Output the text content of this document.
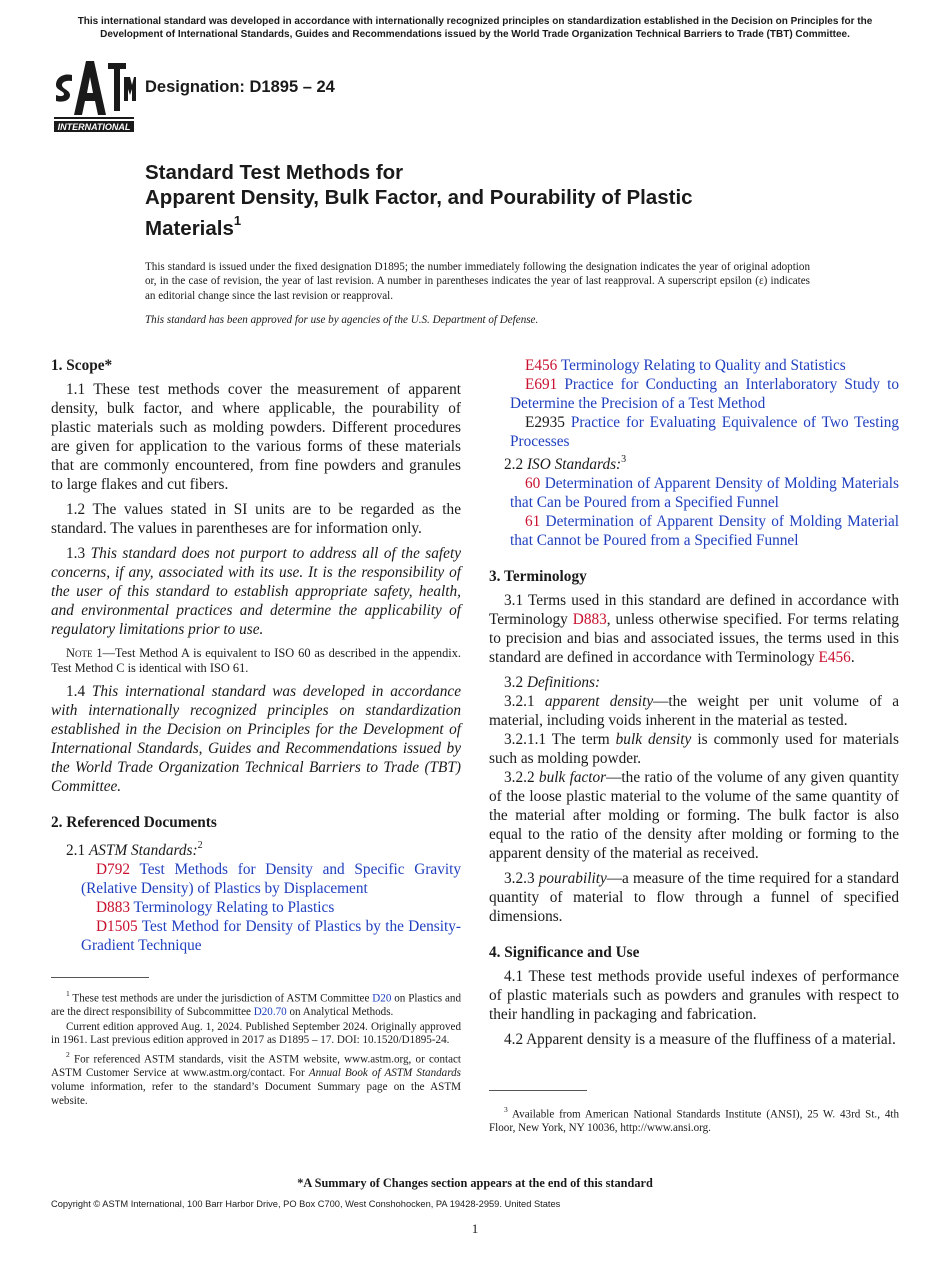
This international standard was developed in accordance with internationally recognized principles on standardization established in the Decision on Principles for the Development of International Standards, Guides and Recommendations issued by the World Trade Organization Technical Barriers to Trade (TBT) Committee.
INTERNATIONAL
Designation: D1895 – 24
Standard Test Methods for
Apparent Density, Bulk Factor, and Pourability of Plastic
Materials$^1$

This standard is issued under the fixed designation D1895; the number immediately following the designation indicates the year of original adoption or, in the case of revision, the year of last revision. A number in parentheses indicates the year of last reapproval. A superscript epsilon (ε) indicates an editorial change since the last revision or reapproval.

This standard has been approved for use by agencies of the U.S. Department of Defense.

1. Scope*

1.1 These test methods cover the measurement of apparent density, bulk factor, and where applicable, the pourability of plastic materials such as molding powders. Different procedures are given for application to the various forms of these materials that are commonly encountered, from fine powders and granules to large flakes and cut fibers.

1.2 The values stated in SI units are to be regarded as the standard. The values in parentheses are for information only.

1.3 This standard does not purport to address all of the safety concerns, if any, associated with its use. It is the responsibility of the user of this standard to establish appropriate safety, health, and environmental practices and determine the applicability of regulatory limitations prior to use.

Note 1—Test Method A is equivalent to ISO 60 as described in the appendix. Test Method C is identical with ISO 61.

1.4 This international standard was developed in accordance with internationally recognized principles on standardization established in the Decision on Principles for the Development of International Standards, Guides and Recommendations issued by the World Trade Organization Technical Barriers to Trade (TBT) Committee.

2. Referenced Documents

2.1 ASTM Standards:$^2$

D792 Test Methods for Density and Specific Gravity (Relative Density) of Plastics by Displacement

D883 Terminology Relating to Plastics

D1505 Test Method for Density of Plastics by the Density-Gradient Technique

$^1$ These test methods are under the jurisdiction of ASTM Committee D20 on Plastics and are the direct responsibility of Subcommittee D20.70 on Analytical Methods.

Current edition approved Aug. 1, 2024. Published September 2024. Originally approved in 1961. Last previous edition approved in 2017 as D1895 – 17. DOI: 10.1520/D1895-24.

$^2$ For referenced ASTM standards, visit the ASTM website, www.astm.org, or contact ASTM Customer Service at www.astm.org/contact. For Annual Book of ASTM Standards volume information, refer to the standard’s Document Summary page on the ASTM website.

E456 Terminology Relating to Quality and Statistics

E691 Practice for Conducting an Interlaboratory Study to Determine the Precision of a Test Method

E2935 Practice for Evaluating Equivalence of Two Testing Processes

2.2 ISO Standards:$^3$

60 Determination of Apparent Density of Molding Materials that Can be Poured from a Specified Funnel

61 Determination of Apparent Density of Molding Material that Cannot be Poured from a Specified Funnel

3. Terminology

3.1 Terms used in this standard are defined in accordance with Terminology D883, unless otherwise specified. For terms relating to precision and bias and associated issues, the terms used in this standard are defined in accordance with Terminology E456.

3.2 Definitions:

3.2.1 apparent density—the weight per unit volume of a material, including voids inherent in the material as tested.

3.2.1.1 The term bulk density is commonly used for materials such as molding powder.

3.2.2 bulk factor—the ratio of the volume of any given quantity of the loose plastic material to the volume of the same quantity of the material after molding or forming. The bulk factor is also equal to the ratio of the density after molding or forming to the apparent density of the material as received.

3.2.3 pourability—a measure of the time required for a standard quantity of material to flow through a funnel of specified dimensions.

4. Significance and Use

4.1 These test methods provide useful indexes of performance of plastic materials such as powders and granules with respect to their handling in packaging and fabrication.

4.2 Apparent density is a measure of the fluffiness of a material.

$^3$ Available from American National Standards Institute (ANSI), 25 W. 43rd St., 4th Floor, New York, NY 10036, http://www.ansi.org.

*A Summary of Changes section appears at the end of this standard
Copyright © ASTM International, 100 Barr Harbor Drive, PO Box C700, West Conshohocken, PA 19428-2959. United States
1
